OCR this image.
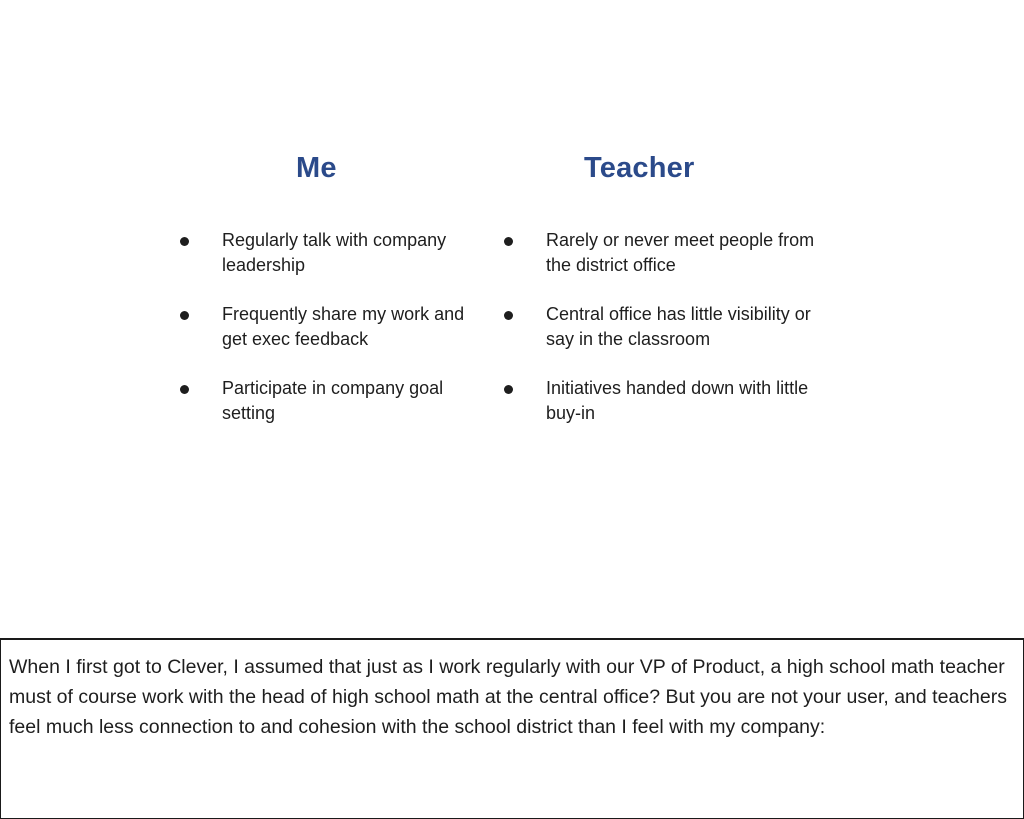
Me	Teacher
Regularly talk with company leadership
Frequently share my work and get exec feedback
Participate in company goal setting
Rarely or never meet people from the district office
Central office has little visibility or say in the classroom
Initiatives handed down with little buy-in
When I first got to Clever, I assumed that just as I work regularly with our VP of Product, a high school math teacher must of course work with the head of high school math at the central office? But you are not your user, and teachers feel much less connection to and cohesion with the school district than I feel with my company:
